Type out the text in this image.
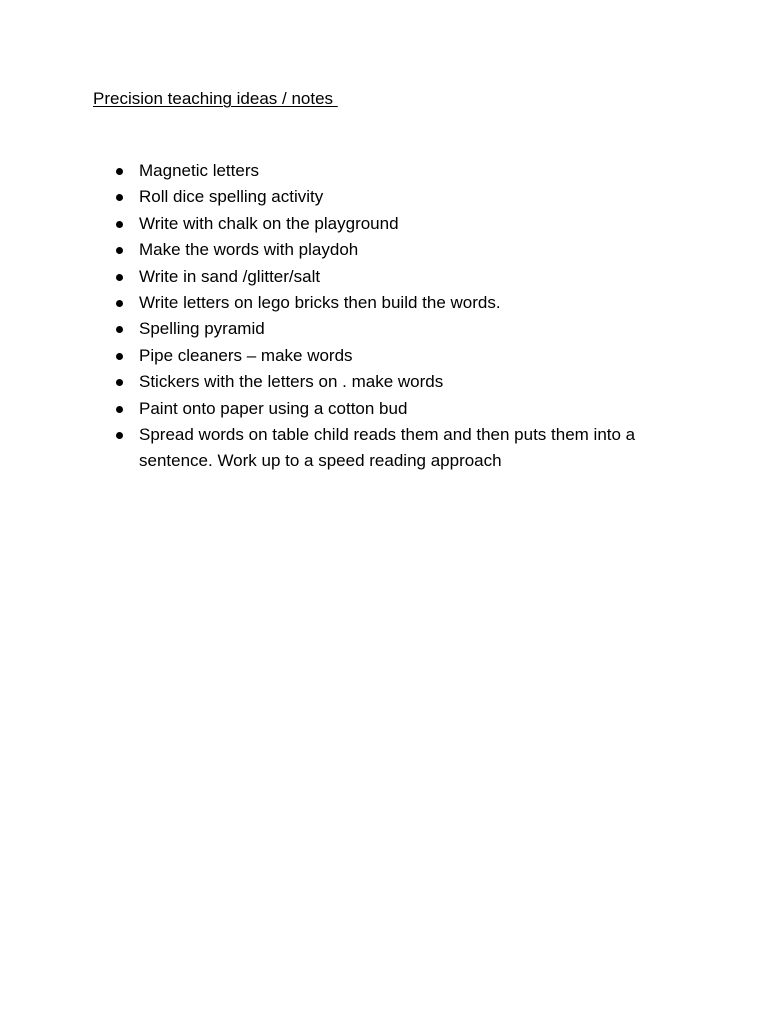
Precision teaching ideas / notes
Magnetic letters
Roll dice spelling activity
Write with chalk on the playground
Make the words with playdoh
Write in sand /glitter/salt
Write letters on lego bricks then build the words.
Spelling pyramid
Pipe cleaners – make words
Stickers with the letters on . make words
Paint onto paper using a cotton bud
Spread words on table child reads them and then puts them into a sentence. Work up to a speed reading approach
